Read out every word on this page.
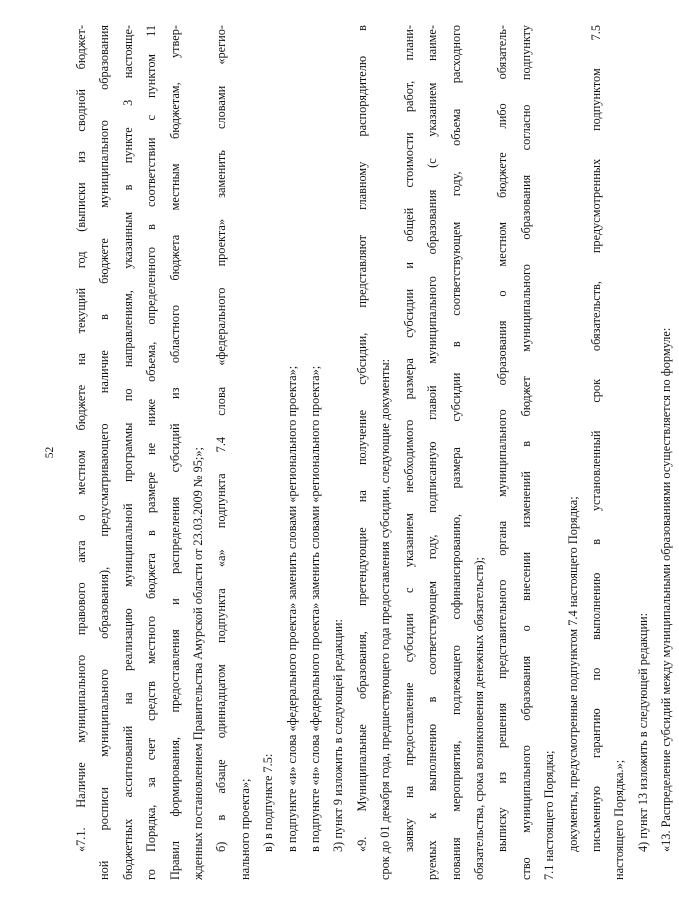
52	«7.1. Наличие муниципального правового акта о местном бюджете на текущий год (выписки из сводной бюджет- ной росписи муниципального образования), предусматривающего наличие в бюджете муниципального образования бюджетных ассигнований на реализацию муниципальной программы по направлениям, указанным в пункте 3 настояще- го Порядка, за счет средств местного бюджета в размере не ниже объема, определенного в соответствии с пунктом 11 Правил формирования, предоставления и распределения субсидий из областного бюджета местным бюджетам, утвер- жденных постановлением Правительства Амурской области от 23.03.2009 № 95;»; б) в абзаце одиннадцатом подпункта «а» подпункта 7.4 слова «федерального проекта» заменить словами «регио- нального проекта»; в) в подпункте 7.5: в подпункте «и» слова «федерального проекта» заменить словами «регионального проекта»; в подпункте «н» слова «федерального проекта» заменить словами «регионального проекта»; 3) пункт 9 изложить в следующей редакции: «9. Муниципальные образования, претендующие на получение субсидии, представляют главному распорядителю в срок до 01 декабря года, предшествующего года предоставления субсидии, следующие документы: заявку на предоставление субсидии с указанием необходимого размера субсидии и общей стоимости работ, плани- руемых к выполнению в соответствующем году, подписанную главой муниципального образования (с указанием наиме- нования мероприятия, подлежащего софинансированию, размера субсидии в соответствующем году, объема расходного обязательства, срока возникновения денежных обязательств); выписку из решения представительного органа муниципального образования о местном бюджете либо обязатель- ство муниципального образования о внесении изменений в бюджет муниципального образования согласно подпункту 7.1 настоящего Порядка; документы, предусмотренные подпунктом 7.4 настоящего Порядка; письменную гарантию по выполнению в установленный срок обязательств, предусмотренных подпунктом 7.5 настоящего Порядка.»; 4) пункт 13 изложить в следующей редакции: «13. Распределение субсидий между муниципальными образованиями осуществляется по формуле:
